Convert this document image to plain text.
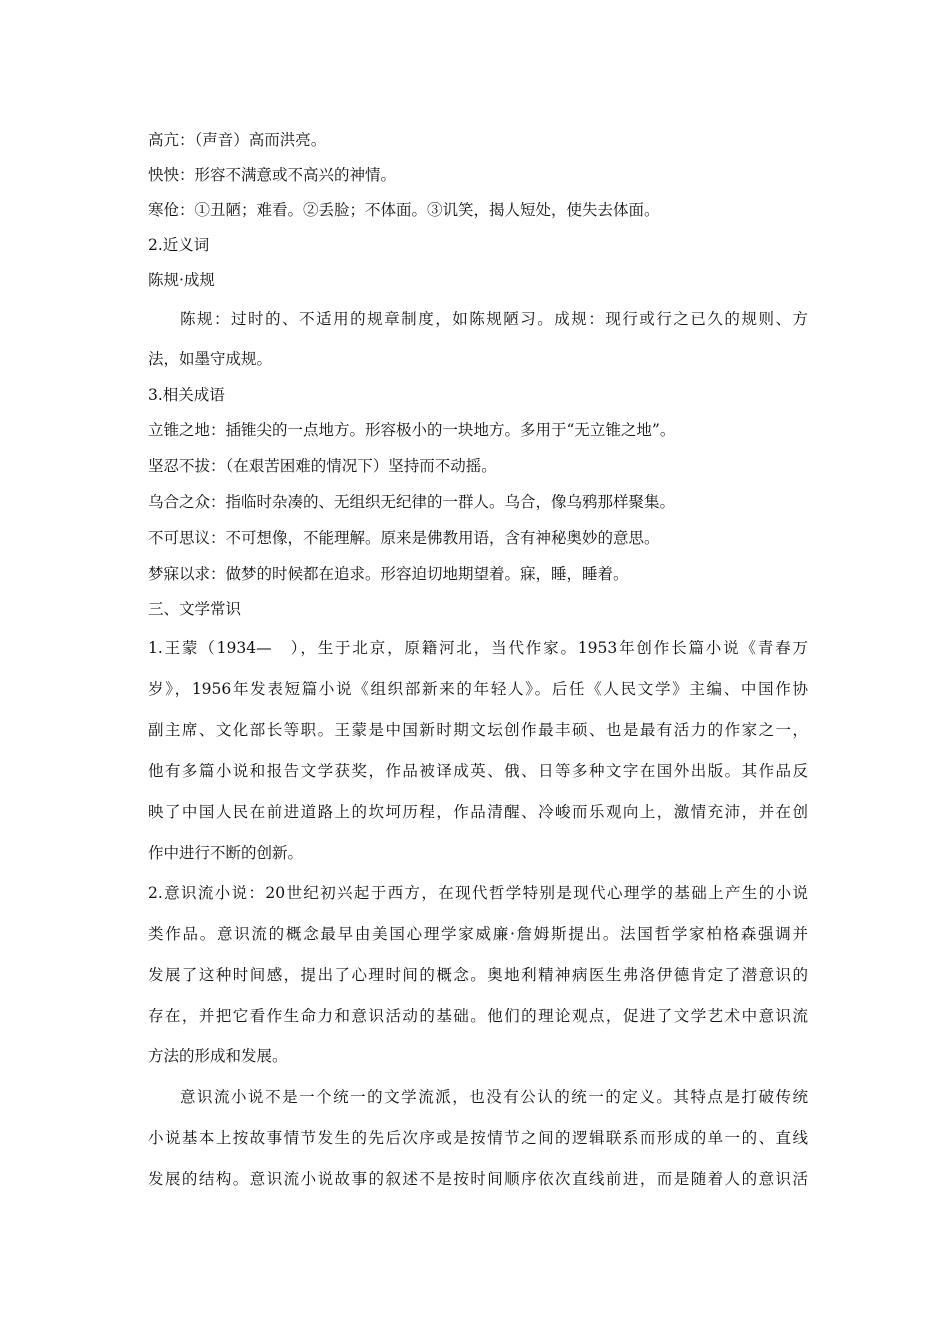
高亢：（声音）高而洪亮。
怏怏：形容不满意或不高兴的神情。
寒伧：①丑陋；难看。②丢脸；不体面。③讥笑，揭人短处，使失去体面。
2.近义词
陈规·成规
陈规：过时的、不适用的规章制度，如陈规陋习。成规：现行或行之已久的规则、方
法，如墨守成规。
3.相关成语
立锥之地：插锥尖的一点地方。形容极小的一块地方。多用于“无立锥之地”。
坚忍不拔：（在艰苦困难的情况下）坚持而不动摇。
乌合之众：指临时杂凑的、无组织无纪律的一群人。乌合，像乌鸦那样聚集。
不可思议：不可想像，不能理解。原来是佛教用语，含有神秘奥妙的意思。
梦寐以求：做梦的时候都在追求。形容迫切地期望着。寐，睡，睡着。
三、文学常识
1.王蒙（1934—　），生于北京，原籍河北，当代作家。1953年创作长篇小说《青春万
岁》，1956年发表短篇小说《组织部新来的年轻人》。后任《人民文学》主编、中国作协
副主席、文化部长等职。王蒙是中国新时期文坛创作最丰硕、也是最有活力的作家之一，
他有多篇小说和报告文学获奖，作品被译成英、俄、日等多种文字在国外出版。其作品反
映了中国人民在前进道路上的坎坷历程，作品清醒、冷峻而乐观向上，激情充沛，并在创
作中进行不断的创新。
2.意识流小说：20世纪初兴起于西方，在现代哲学特别是现代心理学的基础上产生的小说
类作品。意识流的概念最早由美国心理学家威廉·詹姆斯提出。法国哲学家柏格森强调并
发展了这种时间感，提出了心理时间的概念。奥地利精神病医生弗洛伊德肯定了潜意识的
存在，并把它看作生命力和意识活动的基础。他们的理论观点，促进了文学艺术中意识流
方法的形成和发展。
意识流小说不是一个统一的文学流派，也没有公认的统一的定义。其特点是打破传统
小说基本上按故事情节发生的先后次序或是按情节之间的逻辑联系而形成的单一的、直线
发展的结构。意识流小说故事的叙述不是按时间顺序依次直线前进，而是随着人的意识活
